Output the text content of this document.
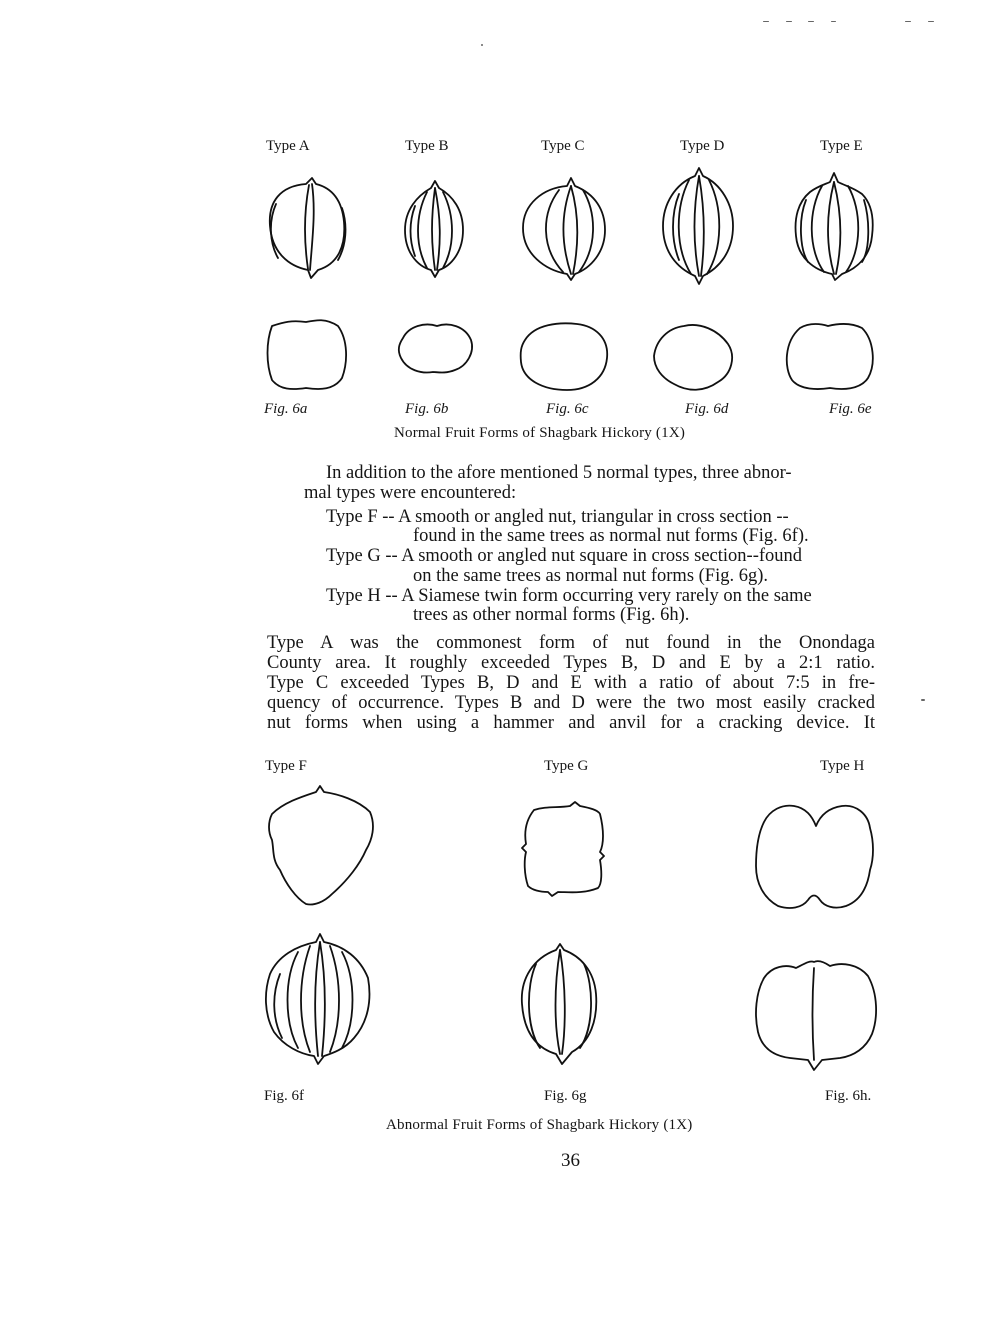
Type A	Type B	Type C	Type D	Type E
Fig. 6a	Fig. 6b	Fig. 6c	Fig. 6d	Fig. 6e
Normal Fruit Forms of Shagbark Hickory (1X)
In addition to the afore mentioned 5 normal types, three abnor-
mal types were encountered:
Type F -- A smooth or angled nut, triangular in cross section --
found in the same trees as normal nut forms (Fig. 6f).
Type G -- A smooth or angled nut square in cross section--found
on the same trees as normal nut forms (Fig. 6g).
Type H -- A Siamese twin form occurring very rarely on the same
trees as other normal forms (Fig. 6h).
Type A was the commonest form of nut found in the Onondaga
County area. It roughly exceeded Types B, D and E by a 2:1 ratio.
Type C exceeded Types B, D and E with a ratio of about 7:5 in fre-
quency of occurrence. Types B and D were the two most easily cracked
nut forms when using a hammer and anvil for a cracking device. It
Type F	Type G	Type H
Fig. 6f	Fig. 6g	Fig. 6h.
Abnormal Fruit Forms of Shagbark Hickory (1X)
36
